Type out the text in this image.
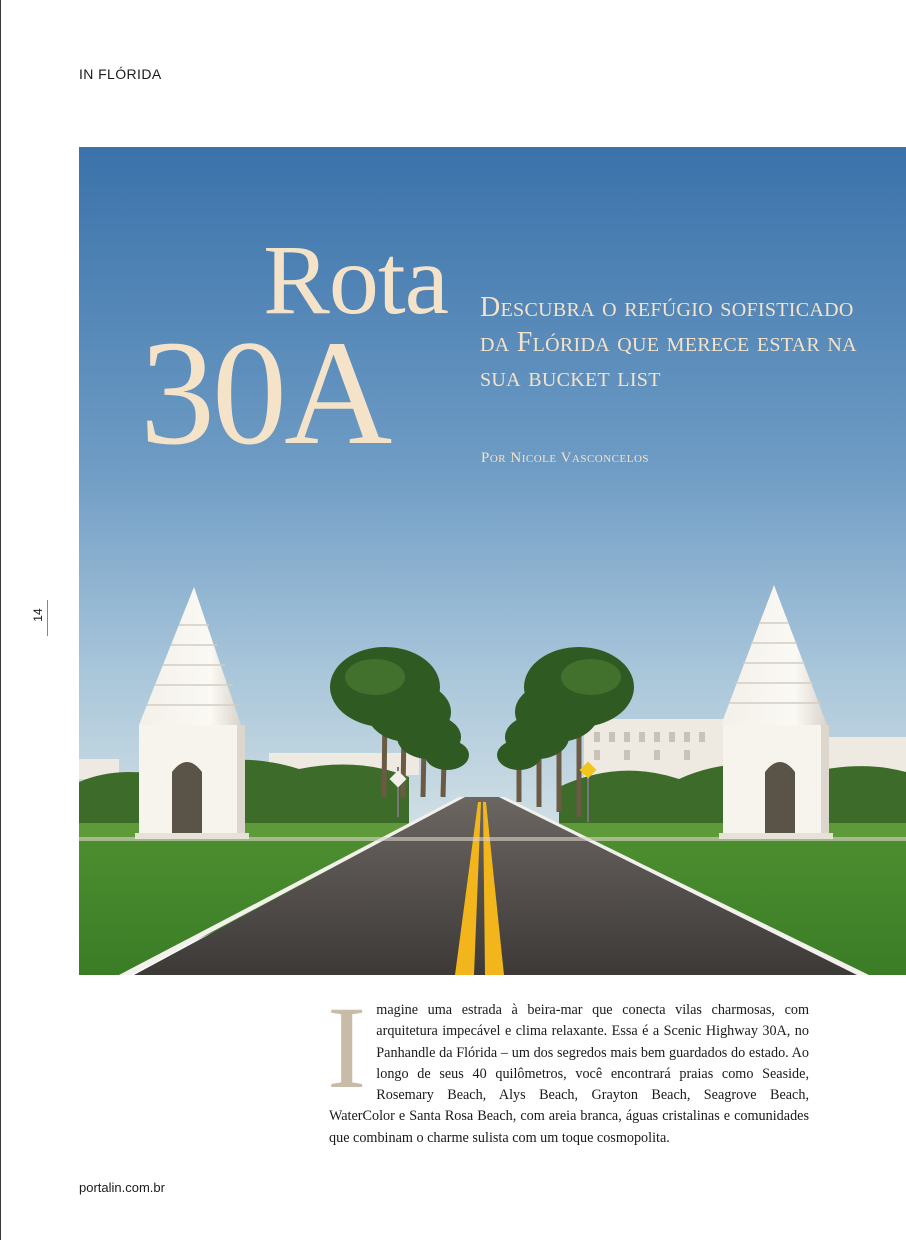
IN FLÓRIDA
14
Rota
30A
Descubra o refúgio sofisticado da Flórida que merece estar na sua bucket list
Por Nicole Vasconcelos
Imagine uma estrada à beira-mar que conecta vilas charmosas, com arquitetura impecável e clima relaxante. Essa é a Scenic Highway 30A, no Panhandle da Flórida – um dos segredos mais bem guardados do estado. Ao longo de seus 40 quilômetros, você encontrará praias como Seaside, Rosemary Beach, Alys Beach, Grayton Beach, Seagrove Beach, WaterColor e Santa Rosa Beach, com areia branca, águas cristalinas e comunidades que combinam o charme sulista com um toque cosmopolita.
portalin.com.br
